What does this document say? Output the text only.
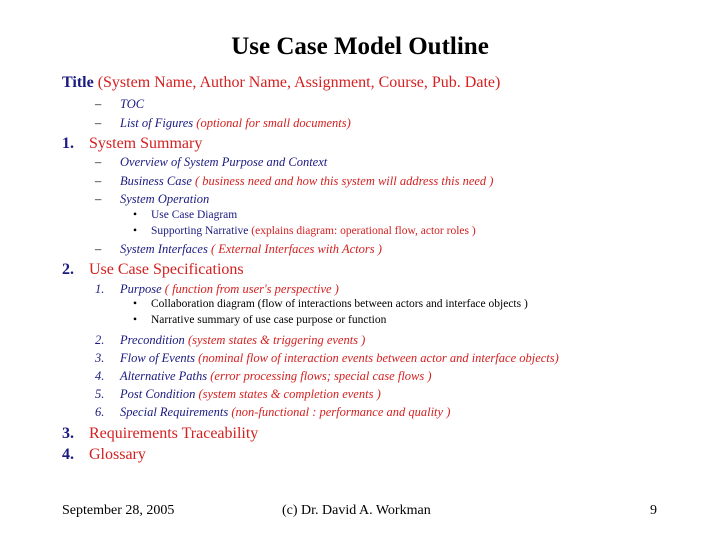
Use Case Model Outline
Title (System Name, Author Name, Assignment, Course, Pub. Date)
– TOC
– List of Figures (optional for small documents)
1. System Summary
– Overview of System Purpose and Context
– Business Case ( business need and how this system will address this need )
– System Operation
• Use Case Diagram
• Supporting Narrative (explains diagram: operational flow, actor roles )
– System Interfaces ( External Interfaces with Actors )
2. Use Case Specifications
1. Purpose ( function from user's perspective )
• Collaboration diagram (flow of interactions between actors and interface objects )
• Narrative summary of use case purpose or function
2. Precondition (system states & triggering events )
3. Flow of Events (nominal flow of interaction events between actor and interface objects)
4. Alternative Paths (error processing flows; special case flows )
5. Post Condition (system states & completion events )
6. Special Requirements (non-functional : performance and quality )
3. Requirements Traceability
4. Glossary
September 28, 2005	(c) Dr. David A. Workman	9
